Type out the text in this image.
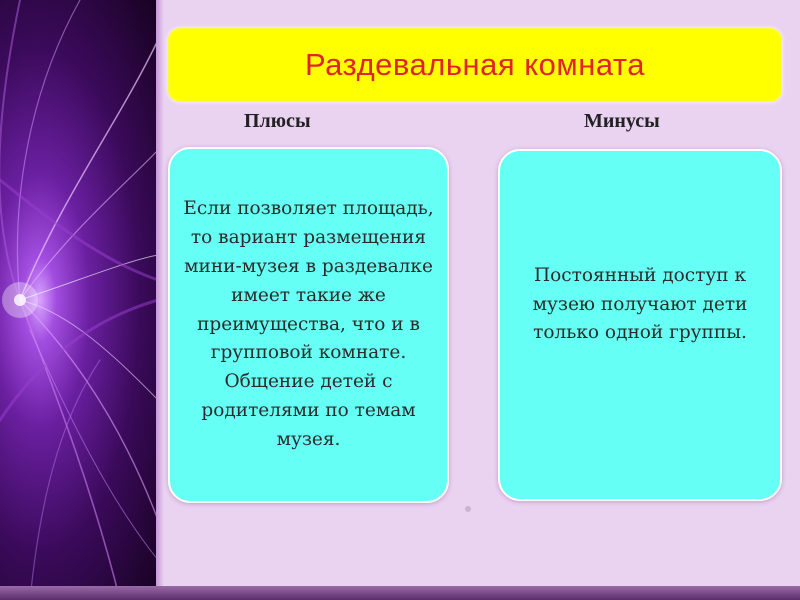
Раздевальная комната
Плюсы	Минусы
Если позволяет площадь, то вариант размещения мини-музея в раздевалке имеет такие же преимущества, что и в групповой комнате. Общение детей с родителями по темам музея.
Постоянный доступ к музею получают дети только одной группы.
